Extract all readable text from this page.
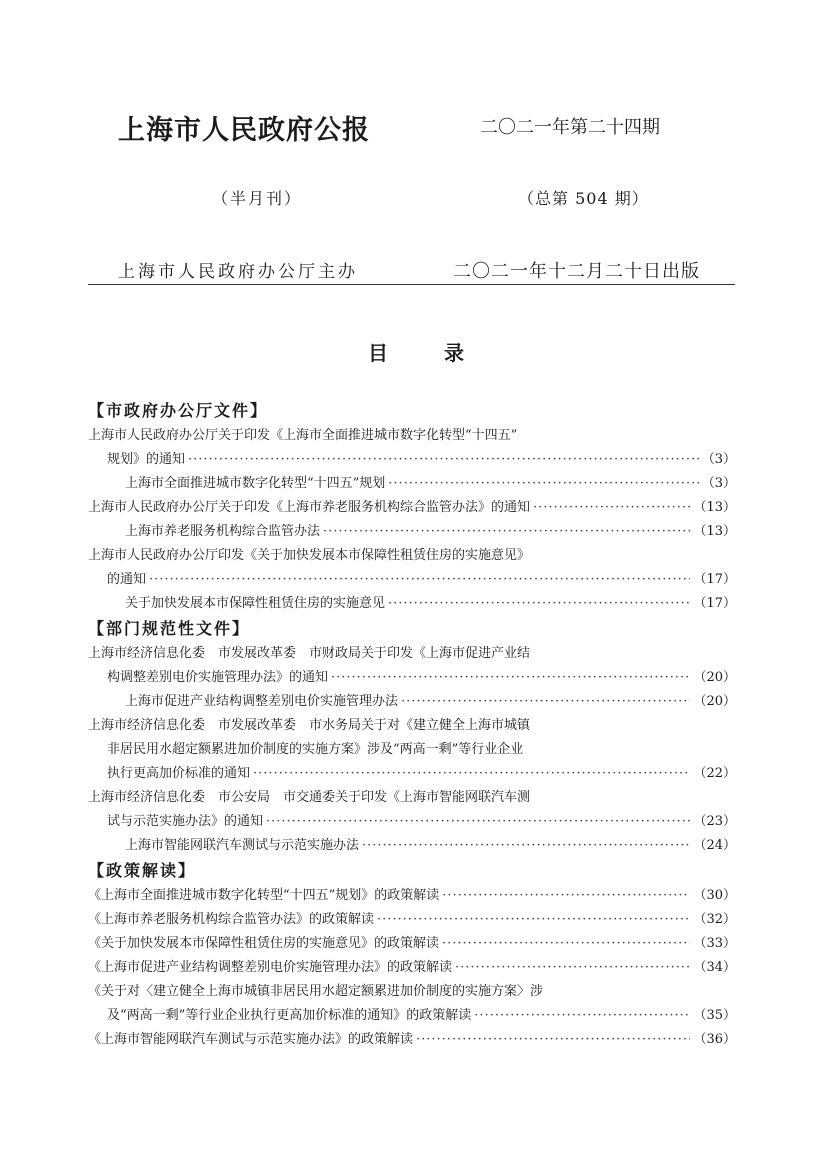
上海市人民政府公报	二〇二一年第二十四期
（半月刊）	（总第 504 期）
上海市人民政府办公厅主办	二〇二一年十二月二十日出版
目录
【市政府办公厅文件】
上海市人民政府办公厅关于印发《上海市全面推进城市数字化转型“十四五”
规划》的通知 ·····	（3）
上海市全面推进城市数字化转型“十四五”规划 ·····	（3）
上海市人民政府办公厅关于印发《上海市养老服务机构综合监管办法》的通知 ·····	（13）
上海市养老服务机构综合监管办法 ·····	（13）
上海市人民政府办公厅印发《关于加快发展本市保障性租赁住房的实施意见》
的通知 ·····	（17）
关于加快发展本市保障性租赁住房的实施意见 ·····	（17）
【部门规范性文件】
上海市经济信息化委　市发展改革委　市财政局关于印发《上海市促进产业结
构调整差别电价实施管理办法》的通知 ·····	（20）
上海市促进产业结构调整差别电价实施管理办法 ·····	（20）
上海市经济信息化委　市发展改革委　市水务局关于对《建立健全上海市城镇
非居民用水超定额累进加价制度的实施方案》涉及“两高一剩”等行业企业
执行更高加价标准的通知 ·····	（22）
上海市经济信息化委　市公安局　市交通委关于印发《上海市智能网联汽车测
试与示范实施办法》的通知 ·····	（23）
上海市智能网联汽车测试与示范实施办法 ·····	（24）
【政策解读】
《上海市全面推进城市数字化转型“十四五”规划》的政策解读 ·····	（30）
《上海市养老服务机构综合监管办法》的政策解读 ·····	（32）
《关于加快发展本市保障性租赁住房的实施意见》的政策解读 ·····	（33）
《上海市促进产业结构调整差别电价实施管理办法》的政策解读 ·····	（34）
《关于对〈建立健全上海市城镇非居民用水超定额累进加价制度的实施方案〉涉
及“两高一剩”等行业企业执行更高加价标准的通知》的政策解读 ·····	（35）
《上海市智能网联汽车测试与示范实施办法》的政策解读 ·····	（36）
